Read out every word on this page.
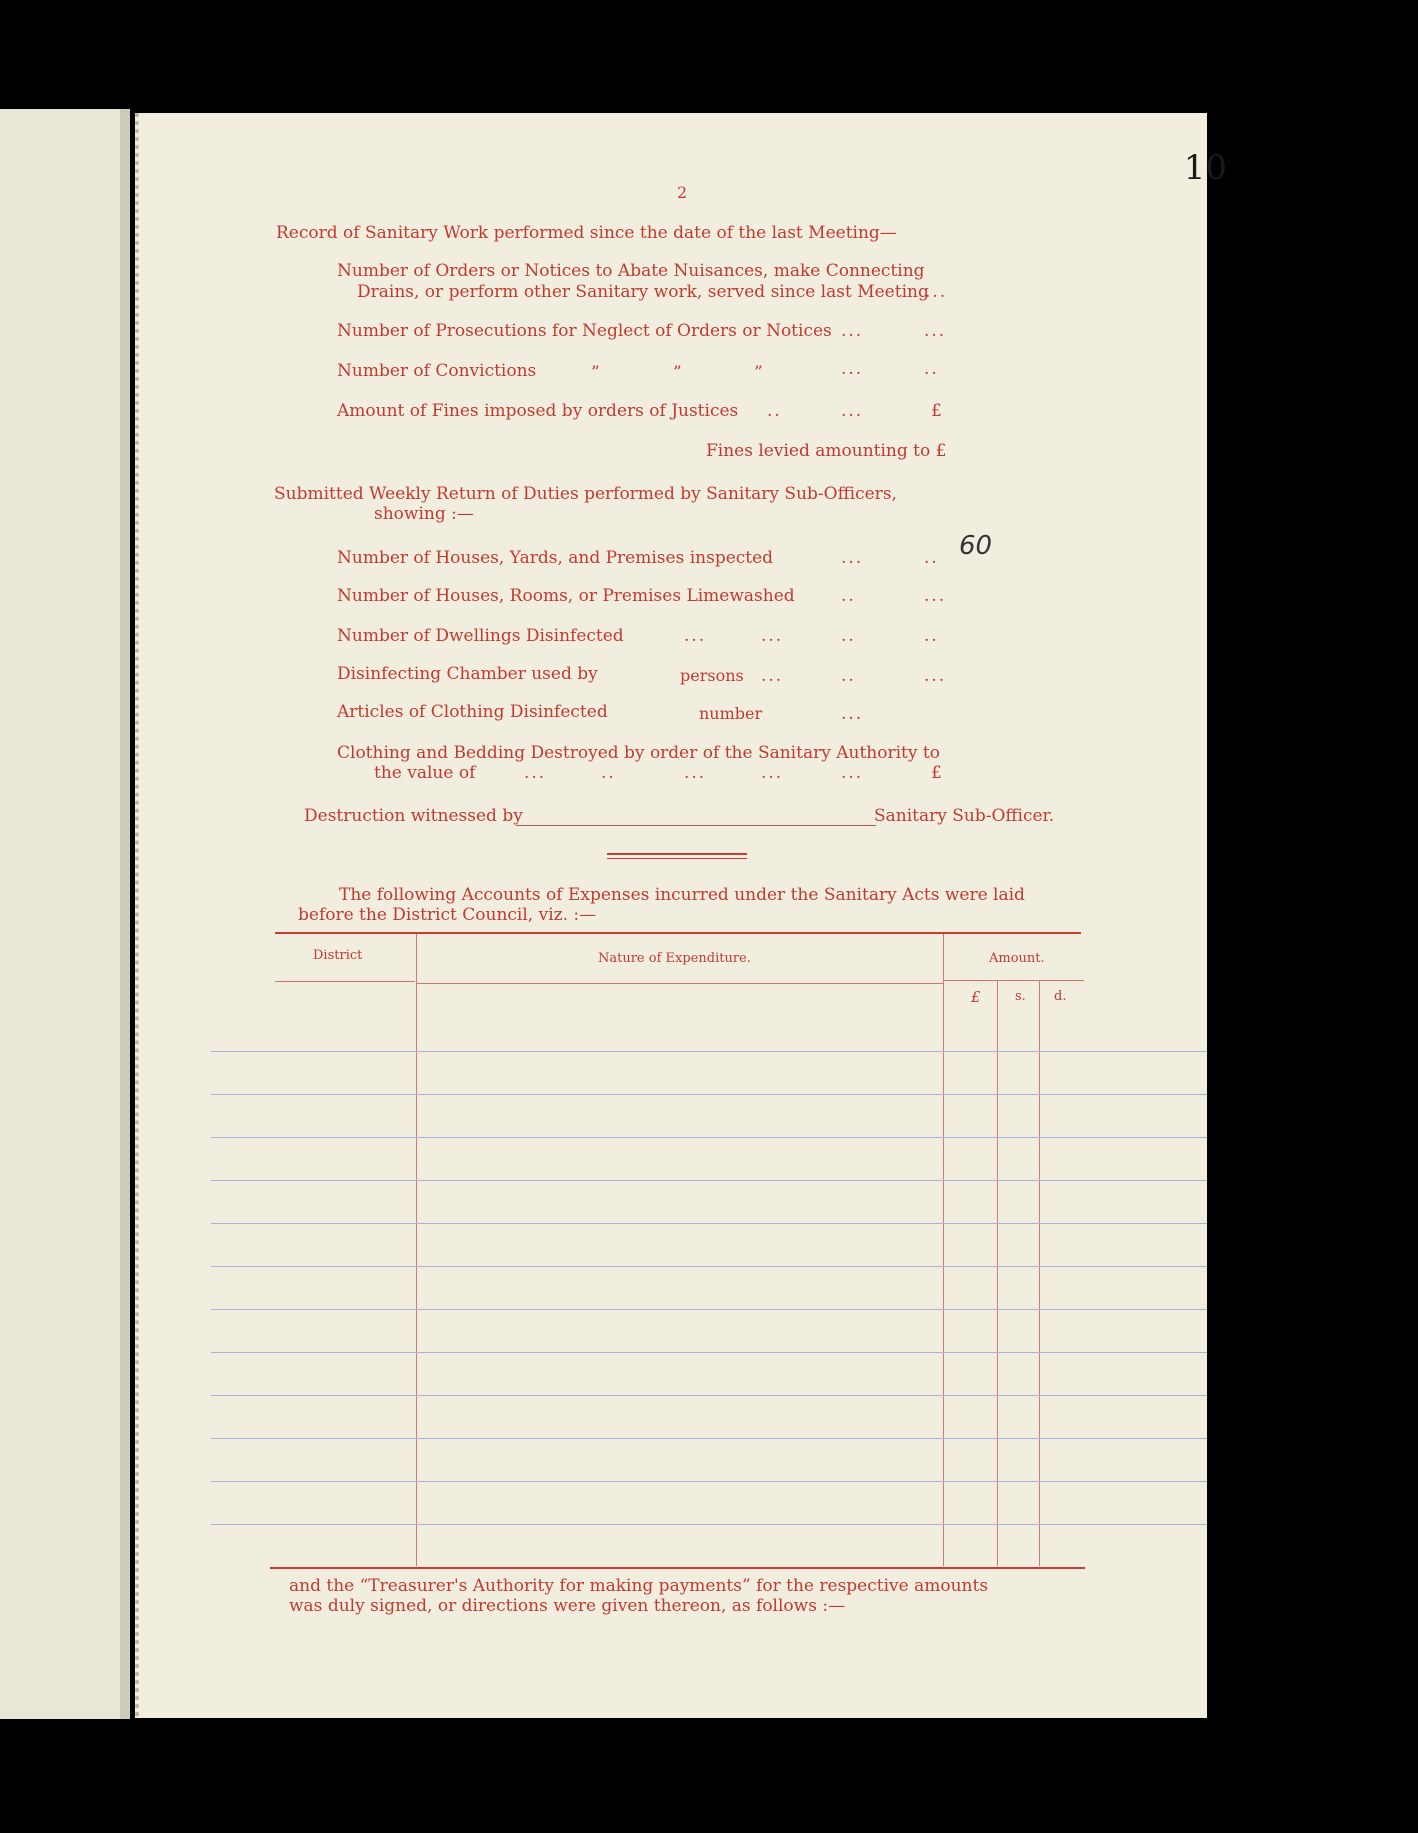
10
2
Record of Sanitary Work performed since the date of the last Meeting—
Number of Orders or Notices to Abate Nuisances, make Connecting
Drains, or perform other Sanitary work, served since last Meeting
...
Number of Prosecutions for Neglect of Orders or Notices ...	...
Number of Convictions	”	”	”	...	..
Amount of Fines imposed by orders of Justices ..	...	£
Fines levied amounting to £
Submitted Weekly Return of Duties performed by Sanitary Sub-Officers,
showing :—
Number of Houses, Yards, and Premises inspected	...	.. 60
Number of Houses, Rooms, or Premises Limewashed	..	...
Number of Dwellings Disinfected	...	...	..	..
Disinfecting Chamber used by	persons ...	..	...
Articles of Clothing Disinfected	number	...
Clothing and Bedding Destroyed by order of the Sanitary Authority to
the value of	...	..	...	...	...	£
Destruction witnessed by	Sanitary Sub-Officer.
The following Accounts of Expenses incurred under the Sanitary Acts were laid
before the District Council, viz. :—
District	Nature of Expenditure.	Amount.
£	s. d.
and the “Treasurer's Authority for making payments” for the respective amounts
was duly signed, or directions were given thereon, as follows :—
